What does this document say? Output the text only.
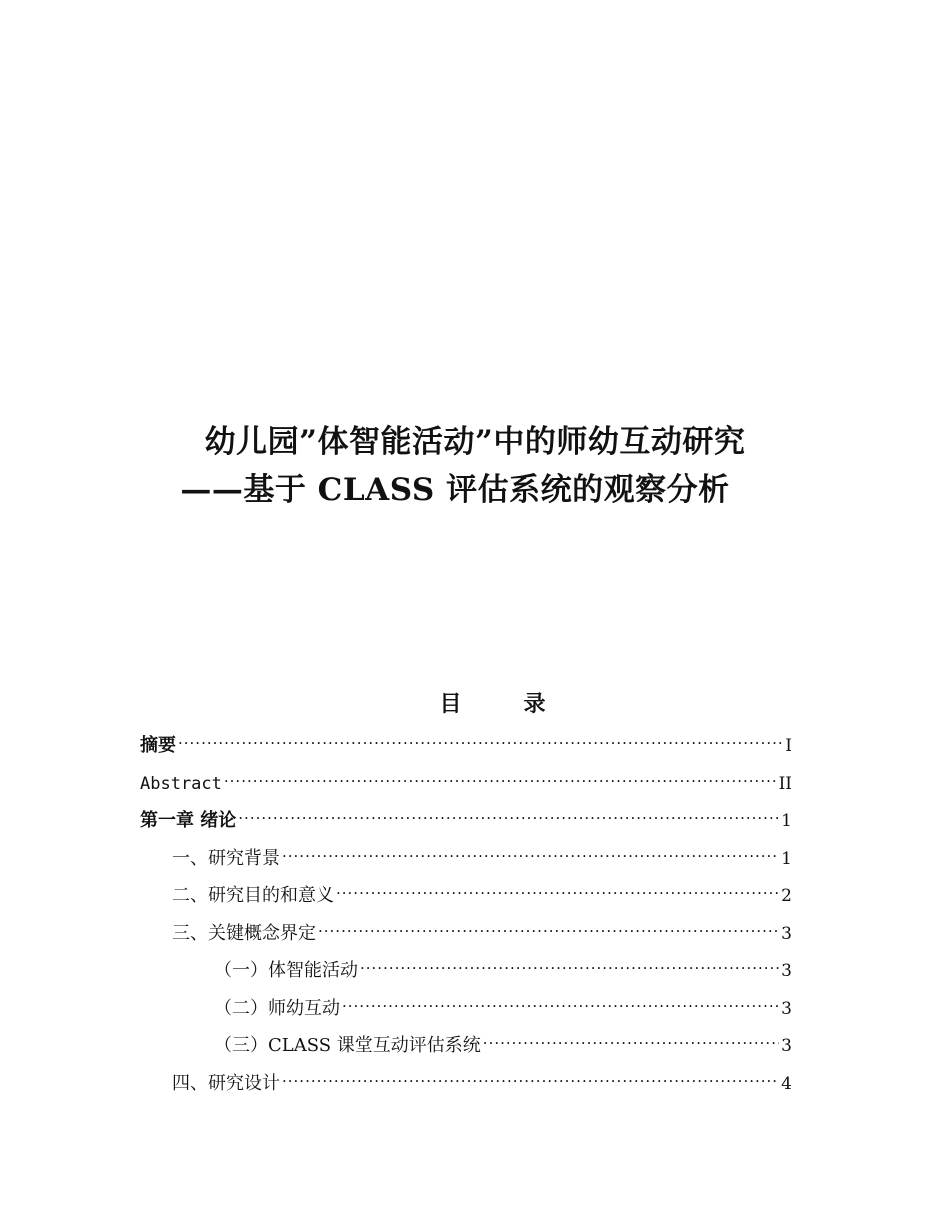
幼儿园”体智能活动”中的师幼互动研究
——基于 CLASS 评估系统的观察分析
目　录
摘要 ·····	I
Abstract ·····	II
第一章 绪论 ·····	1
一、研究背景 ·····	1
二、研究目的和意义 ·····	2
三、关键概念界定 ·····	3
（一）体智能活动 ·····	3
（二）师幼互动 ·····	3
（三）CLASS 课堂互动评估系统 ·····	3
四、研究设计 ·····	4
